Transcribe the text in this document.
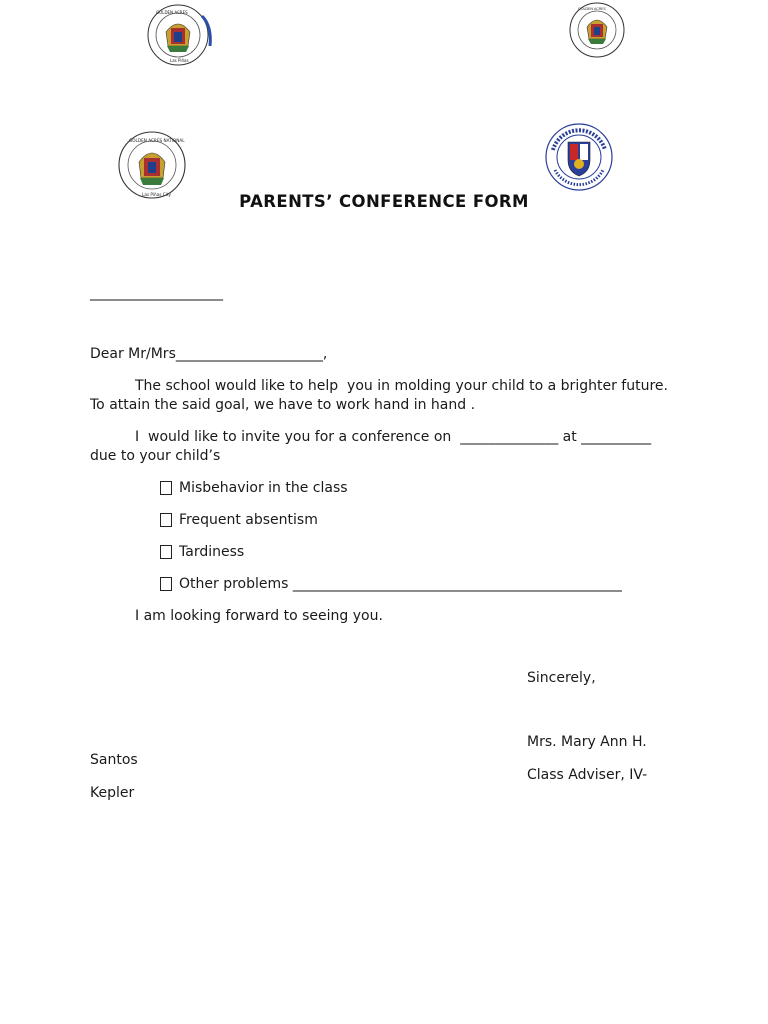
GOLDEN ACRES
Las Piñas
GOLDEN ACRES
GOLDEN ACRES NATIONAL
Las Piñas City	PARENTS’ CONFERENCE FORM
___________________
Dear Mr/Mrs_____________________,
The school would like to help  you in molding your child to a brighter future.
To attain the said goal, we have to work hand in hand .
I  would like to invite you for a conference on  ______________ at __________
due to your child’s
Misbehavior in the class
Frequent absentism
Tardiness
Other problems _______________________________________________
I am looking forward to seeing you.
Sincerely,
Mrs. Mary Ann H.
Santos
Class Adviser, IV-
Kepler
